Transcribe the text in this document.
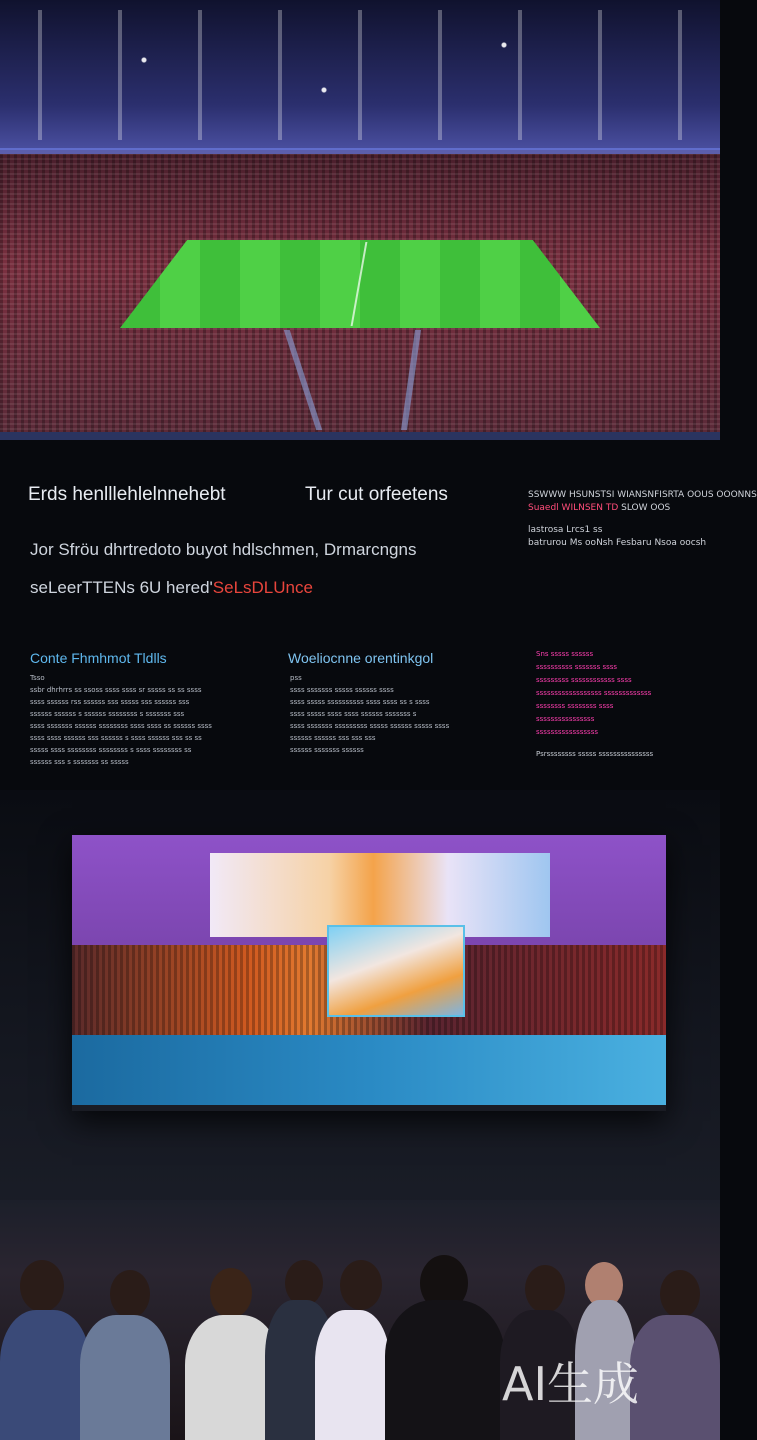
Erds henlllehlelnnehebt	Tur cut orfeetens
Jor Sfröu dhrtredoto buyot hdlschmen, Drmarcngns
seLeerTTENs 6U hered'SeLsDLUnce
SSWWW HSUNSTSI WIANSNFISRTA OOUS OOONNS
Suaedl WILNSEN TD SLOW OOS
lastrosa Lrcs1 ss
batrurou Ms ooNsh Fesbaru Nsoa oocsh
Conte Fhmhmot Tldlls
Tsso
ssbr dhrhrrs ss ssoss ssss ssss sr sssss ss ss ssss
ssss ssssss rss ssssss sss sssss sss ssssss sss
ssssss ssssss s ssssss ssssssss s sssssss sss
ssss sssssss ssssss ssssssss ssss ssss ss ssssss ssss
ssss ssss ssssss sss ssssss s ssss ssssss sss ss ss
sssss ssss ssssssss ssssssss s ssss ssssssss ss
ssssss sss s sssssss ss sssss
Woeliocnne orentinkgol
pss
ssss sssssss sssss ssssss ssss
ssss sssss ssssssssss ssss ssss ss s ssss
ssss sssss ssss ssss ssssss sssssss s
ssss sssssss sssssssss sssss ssssss sssss ssss
ssssss ssssss sss sss sss
ssssss sssssss ssssss
Sns sssss ssssss
ssssssssss sssssss ssss
sssssssss ssssssssssss ssss
ssssssssssssssssss sssssssssssss
ssssssss ssssssss ssss
ssssssssssssssss
sssssssssssssssss
Psrssssssss sssss sssssssssssssss
AI生成
